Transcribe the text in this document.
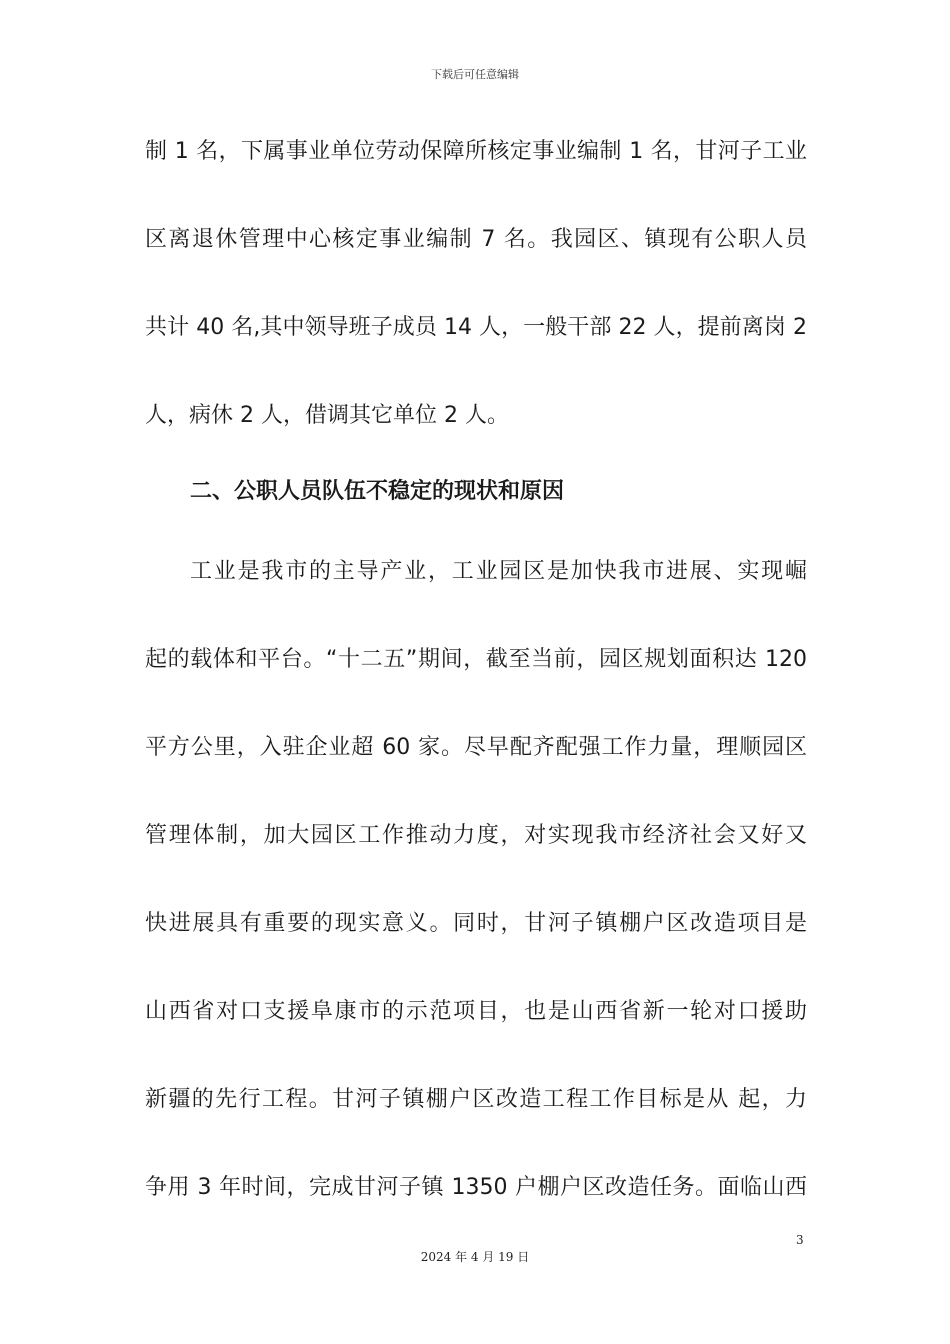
下载后可任意编辑
制 1 名，下属事业单位劳动保障所核定事业编制 1 名，甘河子工业
区离退休管理中心核定事业编制 7 名。我园区、镇现有公职人员
共计 40 名,其中领导班子成员 14 人，一般干部 22 人，提前离岗 2
人，病休 2 人，借调其它单位 2 人。
二、公职人员队伍不稳定的现状和原因
工业是我市的主导产业，工业园区是加快我市进展、实现崛
起的载体和平台。“十二五”期间，截至当前，园区规划面积达 120
平方公里，入驻企业超 60 家。尽早配齐配强工作力量，理顺园区
管理体制，加大园区工作推动力度，对实现我市经济社会又好又
快进展具有重要的现实意义。同时，甘河子镇棚户区改造项目是
山西省对口支援阜康市的示范项目，也是山西省新一轮对口援助
新疆的先行工程。甘河子镇棚户区改造工程工作目标是从 起，力
争用 3 年时间，完成甘河子镇 1350 户棚户区改造任务。面临山西
3
2024 年 4 月 19 日
